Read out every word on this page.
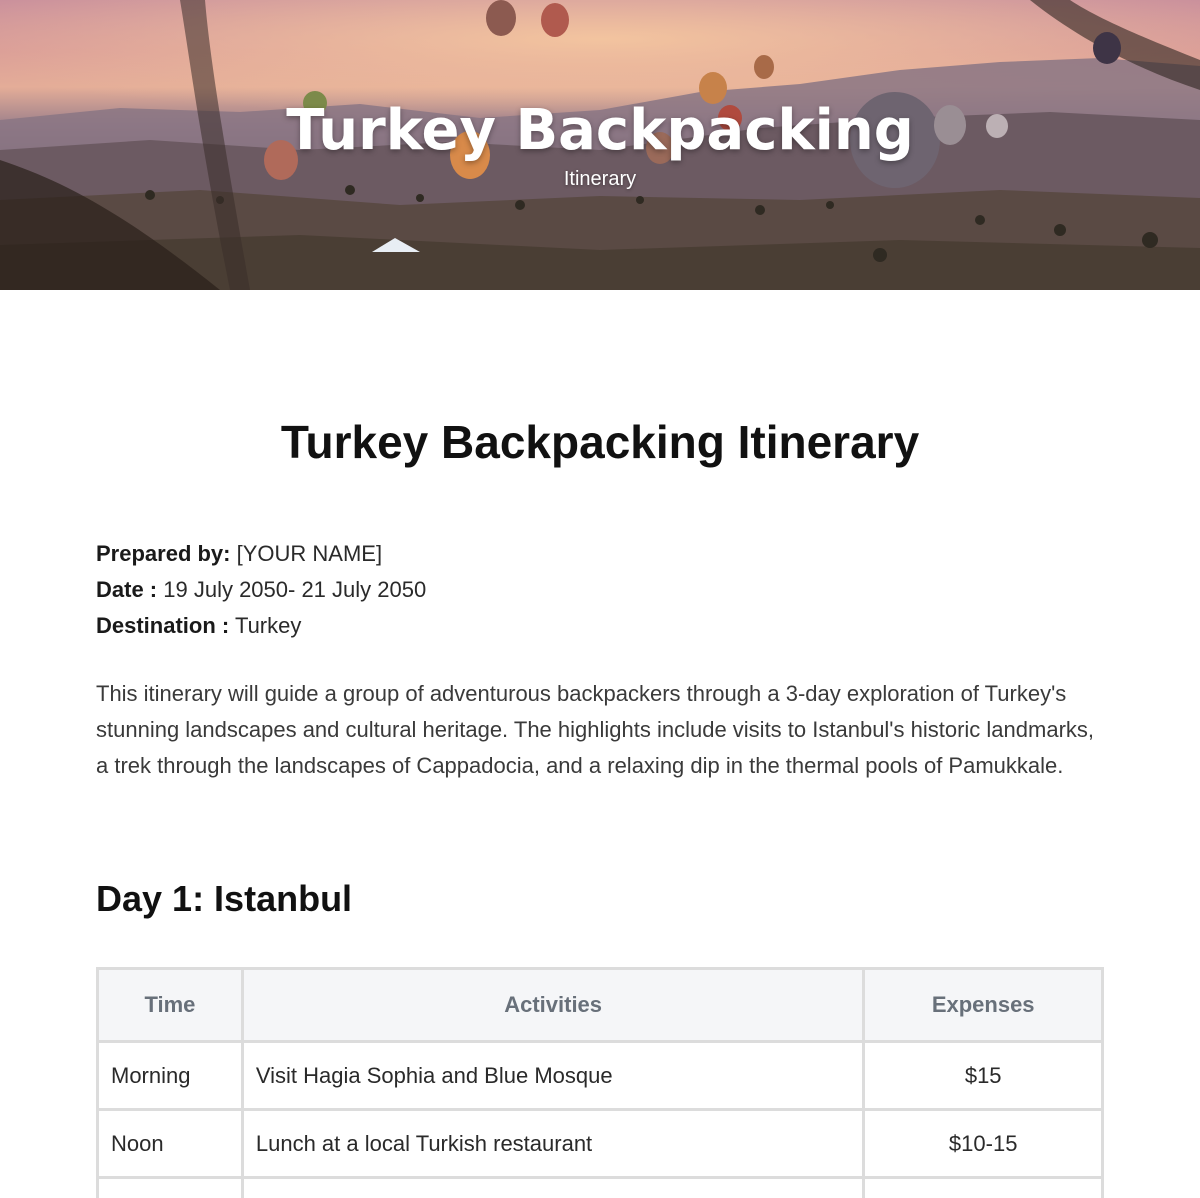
Turkey Backpacking
Itinerary
Turkey Backpacking Itinerary
Prepared by: [YOUR NAME]
Date : 19 July 2050- 21 July 2050
Destination : Turkey

This itinerary will guide a group of adventurous backpackers through a 3-day exploration of Turkey's stunning landscapes and cultural heritage. The highlights include visits to Istanbul's historic landmarks, a trek through the landscapes of Cappadocia, and a relaxing dip in the thermal pools of Pamukkale.

Day 1: Istanbul
Time	Activities	Expenses
Morning	Visit Hagia Sophia and Blue Mosque	$15
Noon	Lunch at a local Turkish restaurant	$10-15
